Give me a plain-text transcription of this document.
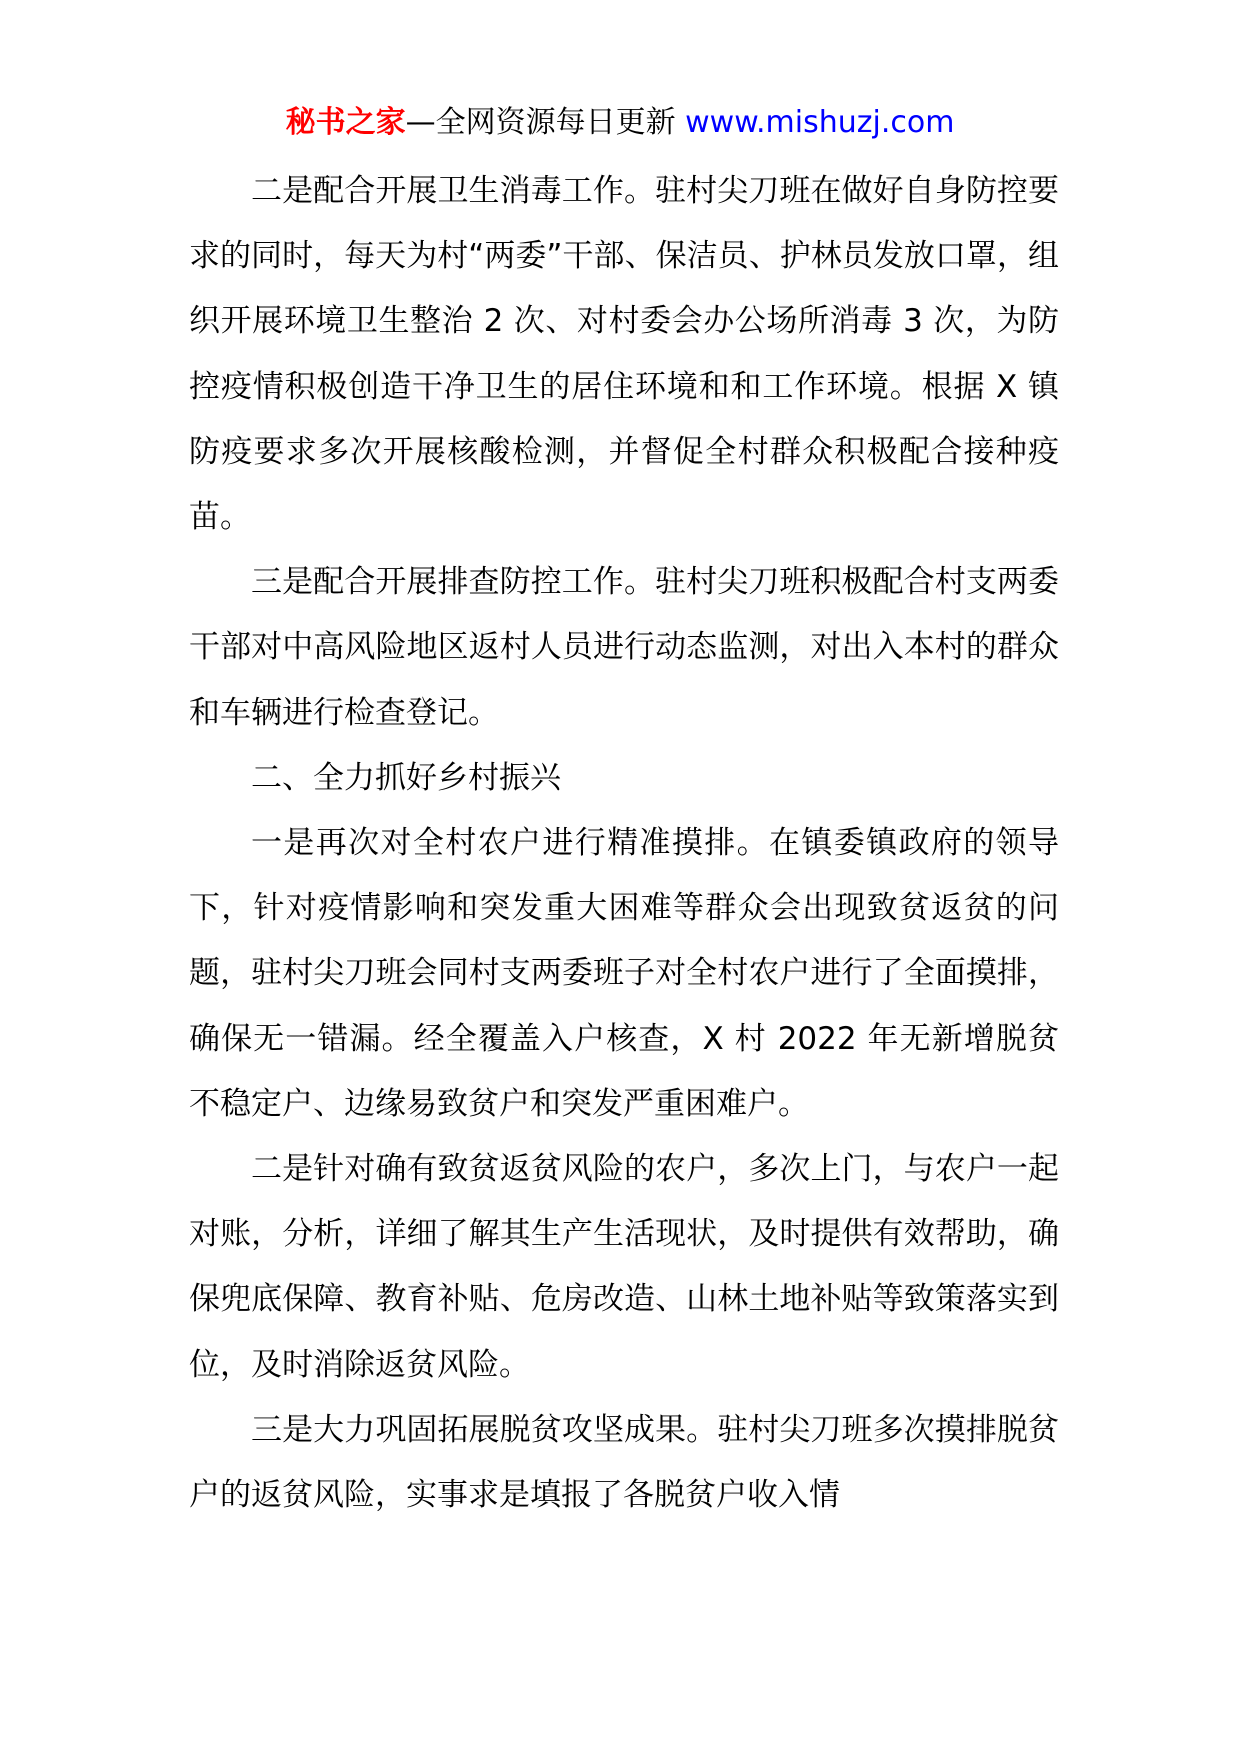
秘书之家—全网资源每日更新 www.mishuzj.com

二是配合开展卫生消毒工作。驻村尖刀班在做好自身防控要求的同时，每天为村“两委”干部、保洁员、护林员发放口罩，组织开展环境卫生整治 2 次、对村委会办公场所消毒 3 次，为防控疫情积极创造干净卫生的居住环境和和工作环境。根据 X 镇防疫要求多次开展核酸检测，并督促全村群众积极配合接种疫苗。

三是配合开展排查防控工作。驻村尖刀班积极配合村支两委干部对中高风险地区返村人员进行动态监测，对出入本村的群众和车辆进行检查登记。

二、全力抓好乡村振兴

一是再次对全村农户进行精准摸排。在镇委镇政府的领导下，针对疫情影响和突发重大困难等群众会出现致贫返贫的问题，驻村尖刀班会同村支两委班子对全村农户进行了全面摸排，确保无一错漏。经全覆盖入户核查，X 村 2022 年无新增脱贫不稳定户、边缘易致贫户和突发严重困难户。

二是针对确有致贫返贫风险的农户，多次上门，与农户一起对账，分析，详细了解其生产生活现状，及时提供有效帮助，确保兜底保障、教育补贴、危房改造、山林土地补贴等致策落实到位，及时消除返贫风险。

三是大力巩固拓展脱贫攻坚成果。驻村尖刀班多次摸排脱贫户的返贫风险，实事求是填报了各脱贫户收入情
